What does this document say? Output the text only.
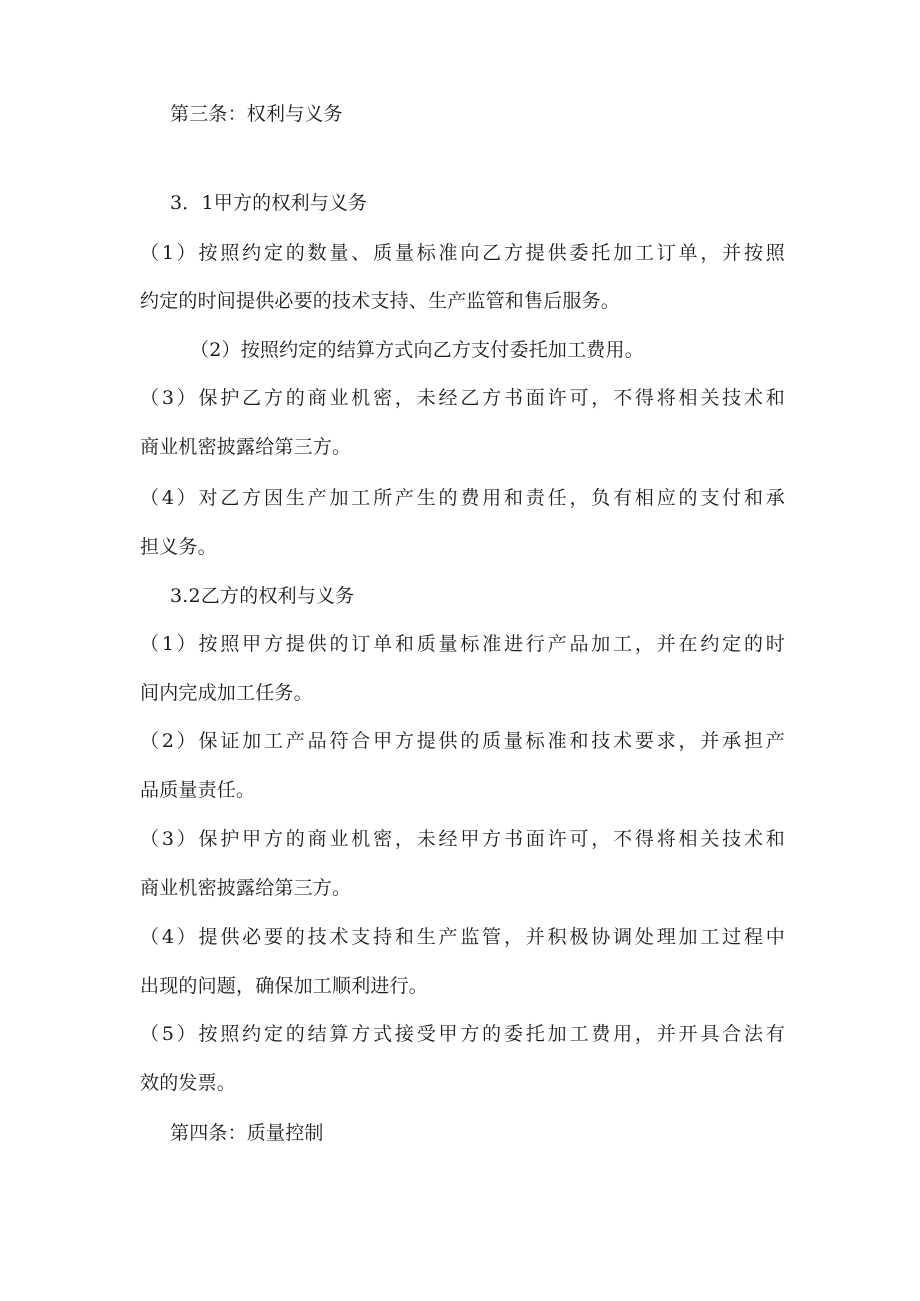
第三条：权利与义务
3．1甲方的权利与义务
（1）按照约定的数量、质量标准向乙方提供委托加工订单，并按照
约定的时间提供必要的技术支持、生产监管和售后服务。
（2）按照约定的结算方式向乙方支付委托加工费用。
（3）保护乙方的商业机密，未经乙方书面许可，不得将相关技术和
商业机密披露给第三方。
（4）对乙方因生产加工所产生的费用和责任，负有相应的支付和承
担义务。
3.2乙方的权利与义务
（1）按照甲方提供的订单和质量标准进行产品加工，并在约定的时
间内完成加工任务。
（2）保证加工产品符合甲方提供的质量标准和技术要求，并承担产
品质量责任。
（3）保护甲方的商业机密，未经甲方书面许可，不得将相关技术和
商业机密披露给第三方。
（4）提供必要的技术支持和生产监管，并积极协调处理加工过程中
出现的问题，确保加工顺利进行。
（5）按照约定的结算方式接受甲方的委托加工费用，并开具合法有
效的发票。
第四条：质量控制
